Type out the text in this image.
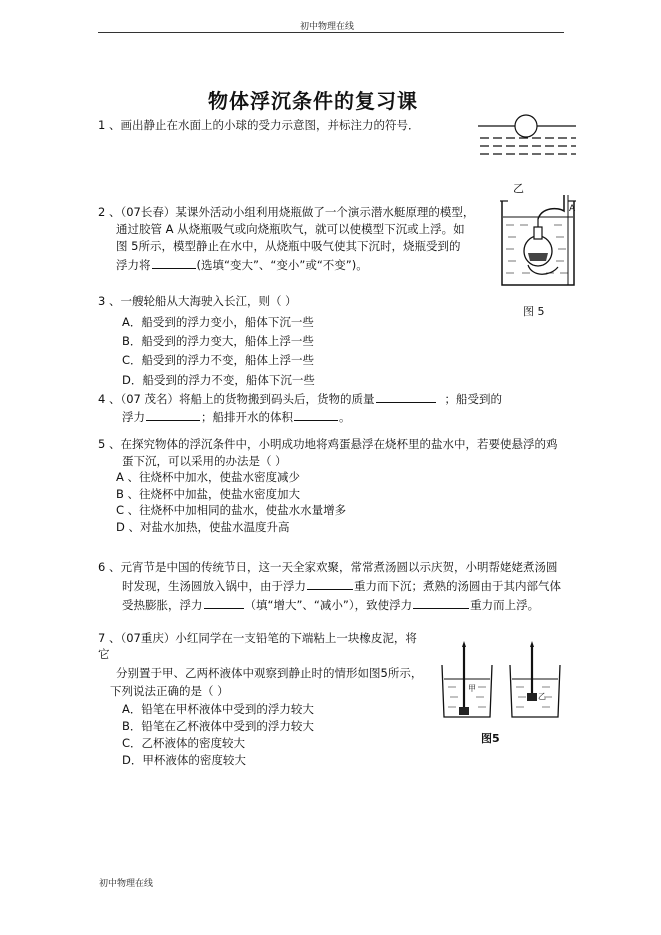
初中物理在线
物体浮沉条件的复习课
1 、画出静止在水面上的小球的受力示意图，并标注力的符号．
2 、（07长春）某课外活动小组利用烧瓶做了一个演示潜水艇原理的模型，
通过胶管 A 从烧瓶吸气或向烧瓶吹气，就可以使模型下沉或上浮。如
图 5所示，模型静止在水中，从烧瓶中吸气使其下沉时，烧瓶受到的
浮力将	(选填“变大”、“变小”或“不变”)。
乙
A
图 5
3 、一艘轮船从大海驶入长江，则（ ）
A．船受到的浮力变小，船体下沉一些
B．船受到的浮力变大，船体上浮一些
C．船受到的浮力不变，船体上浮一些
D．船受到的浮力不变，船体下沉一些
4 、（07 茂名）将船上的货物搬到码头后，货物的质量	；船受到的
浮力	；船排开水的体积	。
5 、在探究物体的浮沉条件中，小明成功地将鸡蛋悬浮在烧杯里的盐水中，若要使悬浮的鸡
蛋下沉，可以采用的办法是（ ）
A 、往烧杯中加水，使盐水密度减少
B 、往烧杯中加盐，使盐水密度加大
C 、往烧杯中加相同的盐水，使盐水水量增多
D 、对盐水加热，使盐水温度升高
6 、元宵节是中国的传统节日，这一天全家欢聚，常常煮汤圆以示庆贺，小明帮姥姥煮汤圆
时发现，生汤圆放入锅中，由于浮力	重力而下沉；煮熟的汤圆由于其内部气体
受热膨胀，浮力	（填“增大”、“减小”），致使浮力	重力而上浮。
7 、（07重庆）小红同学在一支铅笔的下端粘上一块橡皮泥，将
它
分别置于甲、乙两杯液体中观察到静止时的情形如图5所示，
下列说法正确的是（ ）
A．铅笔在甲杯液体中受到的浮力较大
B．铅笔在乙杯液体中受到的浮力较大
C．乙杯液体的密度较大
D．甲杯液体的密度较大
甲
乙
图5
初中物理在线
